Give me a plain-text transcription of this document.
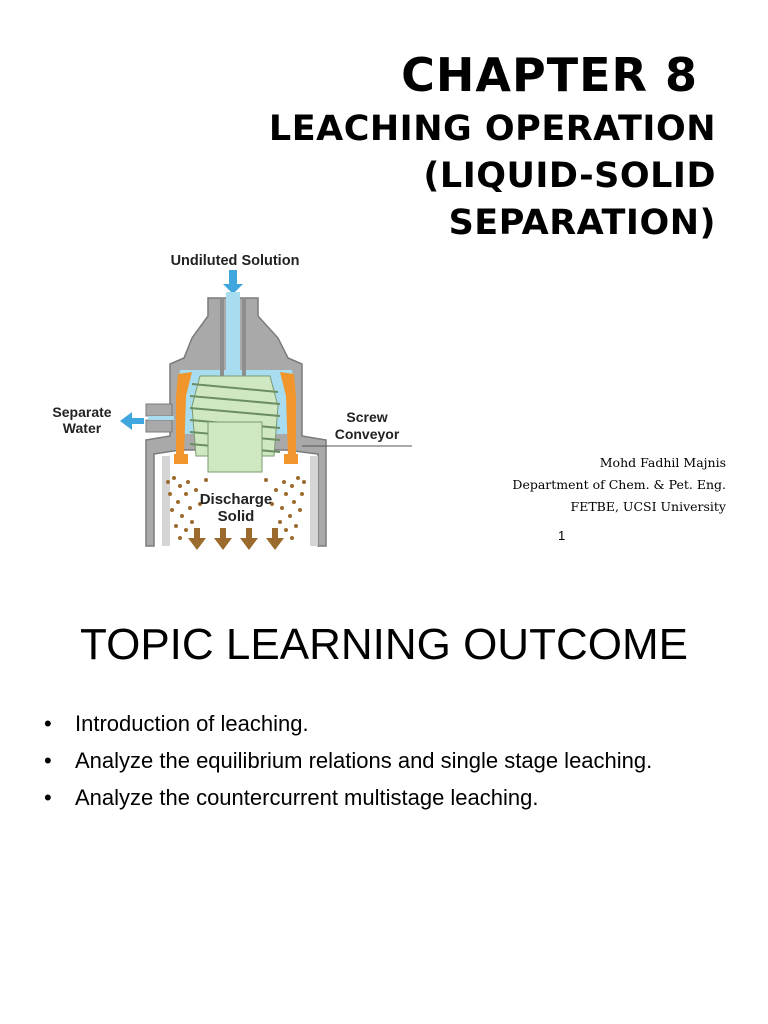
CHAPTER 8
LEACHING OPERATION
(LIQUID-SOLID
SEPARATION)
Undiluted Solution
Separate
Water
Screw
Conveyor
Discharge
Solid
Mohd Fadhil Majnis
Department of Chem. & Pet. Eng.
FETBE, UCSI University
1
TOPIC LEARNING OUTCOME
• Introduction of leaching.
• Analyze the equilibrium relations and single stage leaching.
• Analyze the countercurrent multistage leaching.
